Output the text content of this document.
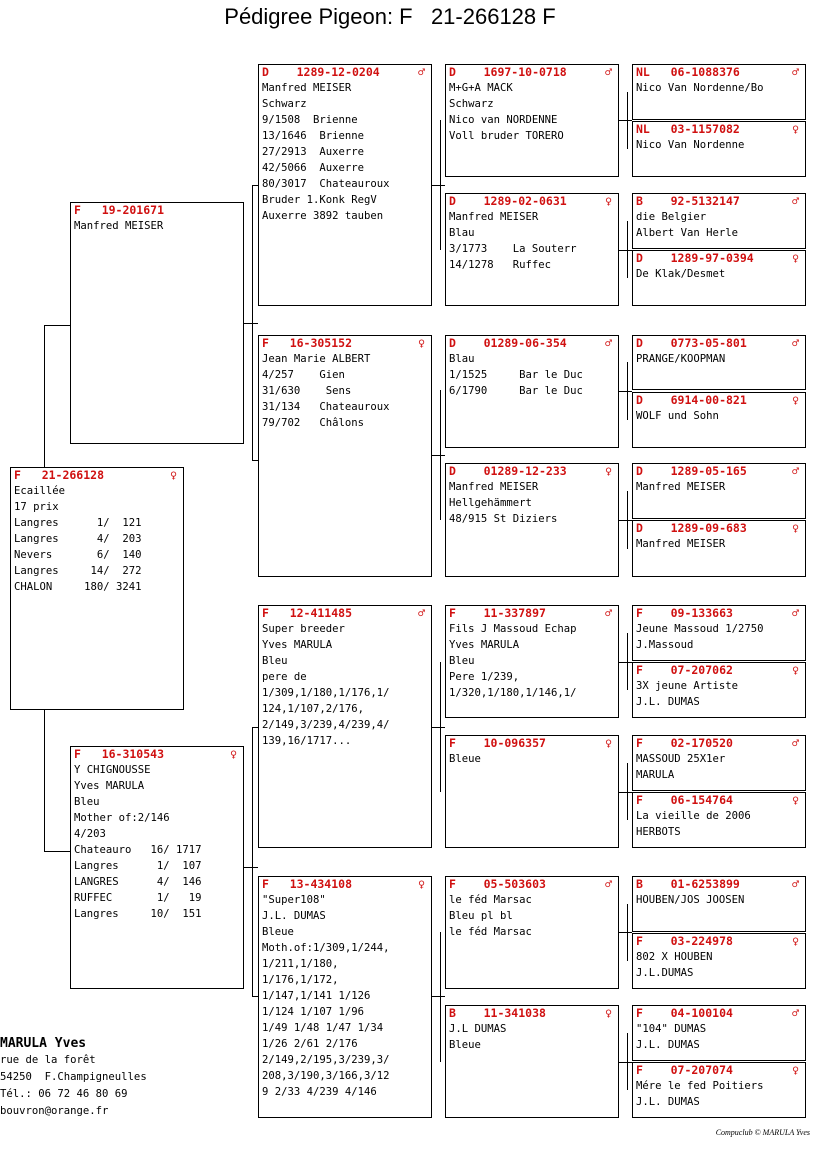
Pédigree Pigeon: F   21-266128 F
F   21-266128	♀
Ecaillée
17 prix
Langres      1/  121
Langres      4/  203
Nevers       6/  140
Langres     14/  272
CHALON     180/ 3241
F   19-201671
Manfred MEISER
F   16-310543	♀
Y CHIGNOUSSE
Yves MARULA
Bleu
Mother of:2/146
4/203
Chateauro   16/ 1717
Langres      1/  107
LANGRES      4/  146
RUFFEC       1/   19
Langres     10/  151
D    1289-12-0204	♂
Manfred MEISER
Schwarz
9/1508  Brienne
13/1646  Brienne
27/2913  Auxerre
42/5066  Auxerre
80/3017  Chateauroux
Bruder 1.Konk RegV
Auxerre 3892 tauben
F   16-305152	♀
Jean Marie ALBERT
4/257    Gien
31/630    Sens
31/134   Chateauroux
79/702   Châlons
F   12-411485	♂
Super breeder
Yves MARULA
Bleu
pere de
1/309,1/180,1/176,1/
124,1/107,2/176,
2/149,3/239,4/239,4/
139,16/1717...
F   13-434108	♀
"Super108"
J.L. DUMAS
Bleue
Moth.of:1/309,1/244,
1/211,1/180,
1/176,1/172,
1/147,1/141 1/126
1/124 1/107 1/96
1/49 1/48 1/47 1/34
1/26 2/61 2/176
2/149,2/195,3/239,3/
208,3/190,3/166,3/12
9 2/33 4/239 4/146
D    1697-10-0718	♂
M+G+A MACK
Schwarz
Nico van NORDENNE
Voll bruder TORERO
D    1289-02-0631	♀
Manfred MEISER
Blau
3/1773    La Souterr
14/1278   Ruffec
D    01289-06-354	♂
Blau
1/1525     Bar le Duc
6/1790     Bar le Duc
D    01289-12-233	♀
Manfred MEISER
Hellgehämmert
48/915 St Diziers
F    11-337897	♂
Fils J Massoud Echap
Yves MARULA
Bleu
Pere 1/239,
1/320,1/180,1/146,1/
F    10-096357	♀
Bleue
F    05-503603	♂
le féd Marsac
Bleu pl bl
le féd Marsac
B    11-341038	♀
J.L DUMAS
Bleue
NL   06-1088376	♂
Nico Van Nordenne/Bo
NL   03-1157082	♀
Nico Van Nordenne
B    92-5132147	♂
die Belgier
Albert Van Herle
D    1289-97-0394	♀
De Klak/Desmet
D    0773-05-801	♂
PRANGE/KOOPMAN
D    6914-00-821	♀
WOLF und Sohn
D    1289-05-165	♂
Manfred MEISER
D    1289-09-683	♀
Manfred MEISER
F    09-133663	♂
Jeune Massoud 1/2750
J.Massoud
F    07-207062	♀
3X jeune Artiste
J.L. DUMAS
F    02-170520	♂
MASSOUD 25X1er
MARULA
F    06-154764	♀
La vieille de 2006
HERBOTS
B    01-6253899	♂
HOUBEN/JOS JOOSEN
F    03-224978	♀
802 X HOUBEN
J.L.DUMAS
F    04-100104	♂
"104" DUMAS
J.L. DUMAS
F    07-207074	♀
Mére le fed Poitiers
J.L. DUMAS
MARULA Yves
rue de la forêt
54250  F.Champigneulles
Tél.: 06 72 46 80 69
bouvron@orange.fr
Compuclub © MARULA Yves
